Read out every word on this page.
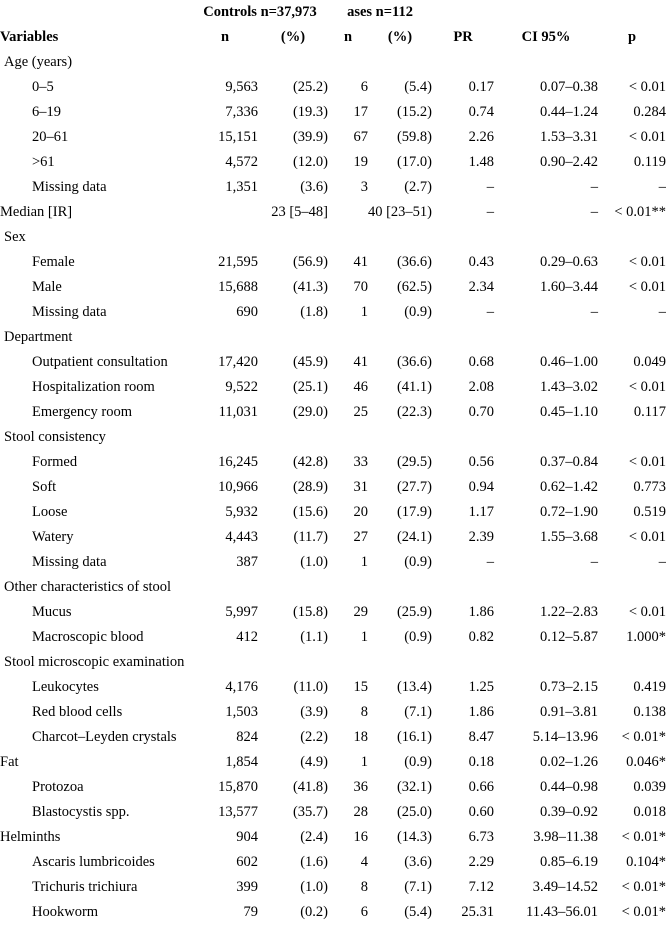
Variables	Controls n=37,973		ases n=112		PR	CI 95%	p
	n	(%)	n	(%)			
Age (years)							
0–5	9,563	(25.2)	6	(5.4)	0.17	0.07–0.38	< 0.01
6–19	7,336	(19.3)	17	(15.2)	0.74	0.44–1.24	0.284
20–61	15,151	(39.9)	67	(59.8)	2.26	1.53–3.31	< 0.01
>61	4,572	(12.0)	19	(17.0)	1.48	0.90–2.42	0.119
Missing data	1,351	(3.6)	3	(2.7)	–	–	–
Median [IR]	23 [5–48]		40 [23–51)		–	–	< 0.01**
Sex							
Female	21,595	(56.9)	41	(36.6)	0.43	0.29–0.63	< 0.01
Male	15,688	(41.3)	70	(62.5)	2.34	1.60–3.44	< 0.01
Missing data	690	(1.8)	1	(0.9)	–	–	–
Department							
Outpatient consultation	17,420	(45.9)	41	(36.6)	0.68	0.46–1.00	0.049
Hospitalization room	9,522	(25.1)	46	(41.1)	2.08	1.43–3.02	< 0.01
Emergency room	11,031	(29.0)	25	(22.3)	0.70	0.45–1.10	0.117
Stool consistency							
Formed	16,245	(42.8)	33	(29.5)	0.56	0.37–0.84	< 0.01
Soft	10,966	(28.9)	31	(27.7)	0.94	0.62–1.42	0.773
Loose	5,932	(15.6)	20	(17.9)	1.17	0.72–1.90	0.519
Watery	4,443	(11.7)	27	(24.1)	2.39	1.55–3.68	< 0.01
Missing data	387	(1.0)	1	(0.9)	–	–	–
Other characteristics of stool							
Mucus	5,997	(15.8)	29	(25.9)	1.86	1.22–2.83	< 0.01
Macroscopic blood	412	(1.1)	1	(0.9)	0.82	0.12–5.87	1.000*
Stool microscopic examination							
Leukocytes	4,176	(11.0)	15	(13.4)	1.25	0.73–2.15	0.419
Red blood cells	1,503	(3.9)	8	(7.1)	1.86	0.91–3.81	0.138
Charcot–Leyden crystals	824	(2.2)	18	(16.1)	8.47	5.14–13.96	< 0.01*
Fat	1,854	(4.9)	1	(0.9)	0.18	0.02–1.26	0.046*
Protozoa	15,870	(41.8)	36	(32.1)	0.66	0.44–0.98	0.039
Blastocystis spp.	13,577	(35.7)	28	(25.0)	0.60	0.39–0.92	0.018
Helminths	904	(2.4)	16	(14.3)	6.73	3.98–11.38	< 0.01*
Ascaris lumbricoides	602	(1.6)	4	(3.6)	2.29	0.85–6.19	0.104*
Trichuris trichiura	399	(1.0)	8	(7.1)	7.12	3.49–14.52	< 0.01*
Hookworm	79	(0.2)	6	(5.4)	25.31	11.43–56.01	< 0.01*
